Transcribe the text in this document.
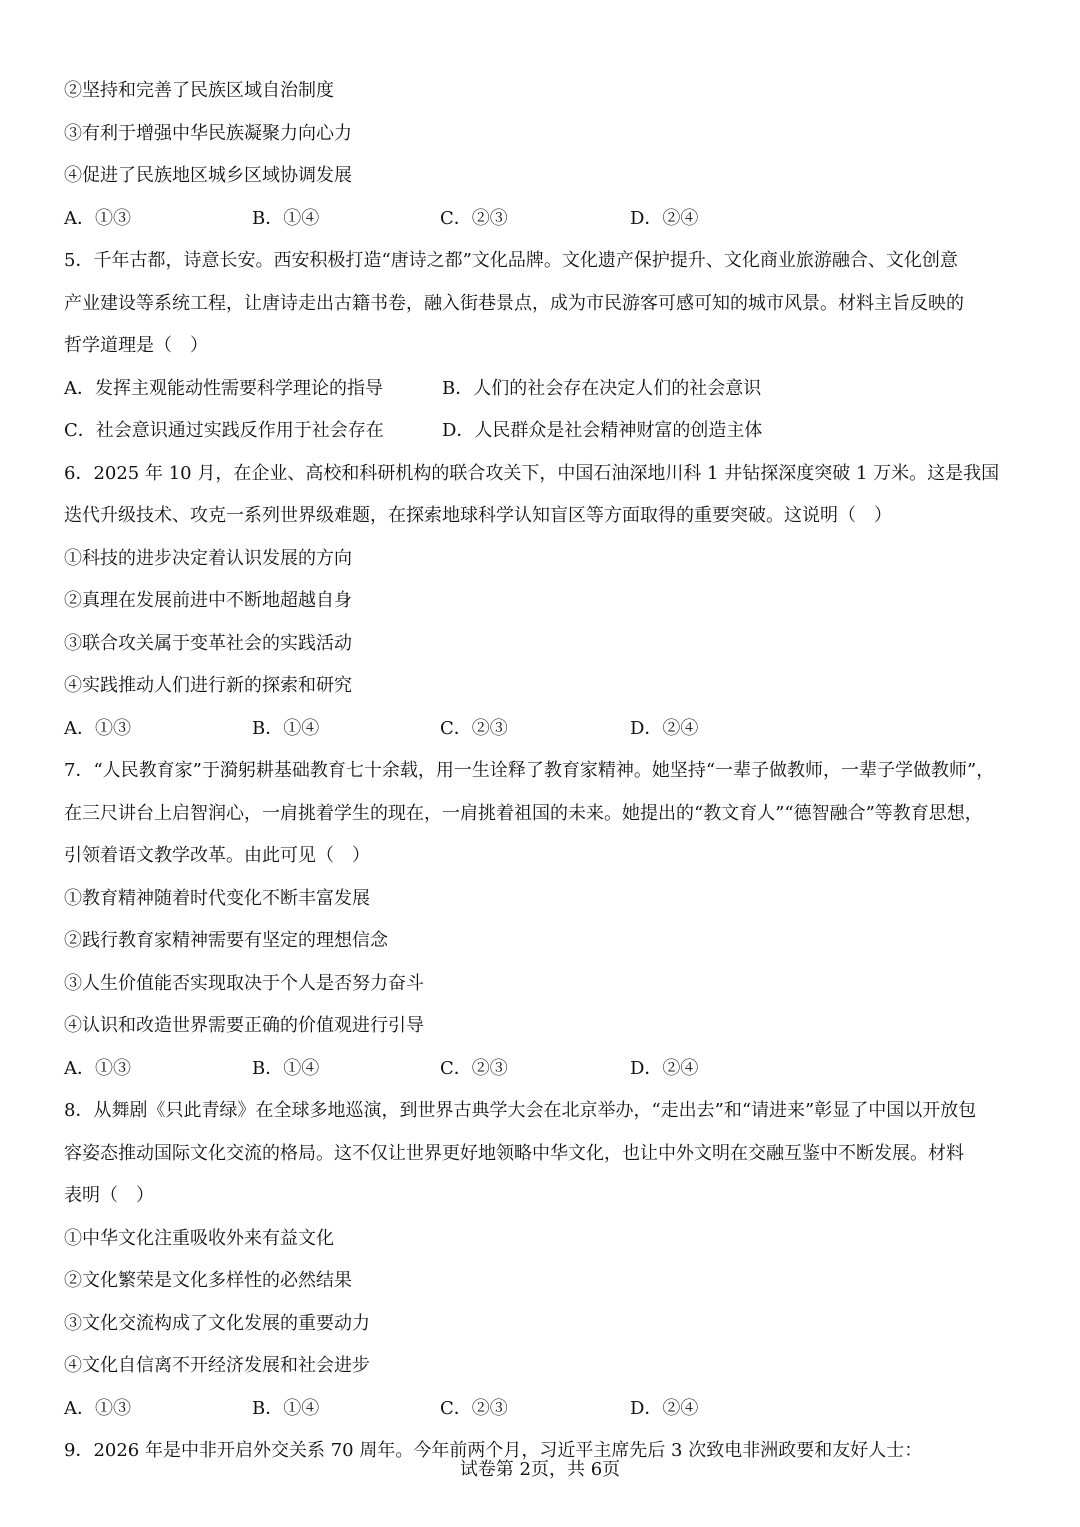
②坚持和完善了民族区域自治制度
③有利于增强中华民族凝聚力向心力
④促进了民族地区城乡区域协调发展
A．①③	B．①④	C．②③	D．②④
5．千年古都，诗意长安。西安积极打造“唐诗之都”文化品牌。文化遗产保护提升、文化商业旅游融合、文化创意
产业建设等系统工程，让唐诗走出古籍书卷，融入街巷景点，成为市民游客可感可知的城市风景。材料主旨反映的
哲学道理是（　）
A．发挥主观能动性需要科学理论的指导	B．人们的社会存在决定人们的社会意识
C．社会意识通过实践反作用于社会存在	D．人民群众是社会精神财富的创造主体
6．2025 年 10 月，在企业、高校和科研机构的联合攻关下，中国石油深地川科 1 井钻探深度突破 1 万米。这是我国
迭代升级技术、攻克一系列世界级难题，在探索地球科学认知盲区等方面取得的重要突破。这说明（　）
①科技的进步决定着认识发展的方向
②真理在发展前进中不断地超越自身
③联合攻关属于变革社会的实践活动
④实践推动人们进行新的探索和研究
A．①③	B．①④	C．②③	D．②④
7．“人民教育家”于漪躬耕基础教育七十余载，用一生诠释了教育家精神。她坚持“一辈子做教师，一辈子学做教师”，
在三尺讲台上启智润心，一肩挑着学生的现在，一肩挑着祖国的未来。她提出的“教文育人”“德智融合”等教育思想，
引领着语文教学改革。由此可见（　）
①教育精神随着时代变化不断丰富发展
②践行教育家精神需要有坚定的理想信念
③人生价值能否实现取决于个人是否努力奋斗
④认识和改造世界需要正确的价值观进行引导
A．①③	B．①④	C．②③	D．②④
8．从舞剧《只此青绿》在全球多地巡演，到世界古典学大会在北京举办，“走出去”和“请进来”彰显了中国以开放包
容姿态推动国际文化交流的格局。这不仅让世界更好地领略中华文化，也让中外文明在交融互鉴中不断发展。材料
表明（　）
①中华文化注重吸收外来有益文化
②文化繁荣是文化多样性的必然结果
③文化交流构成了文化发展的重要动力
④文化自信离不开经济发展和社会进步
A．①③	B．①④	C．②③	D．②④
9．2026 年是中非开启外交关系 70 周年。今年前两个月，习近平主席先后 3 次致电非洲政要和友好人士：
试卷第 2页，共 6页
